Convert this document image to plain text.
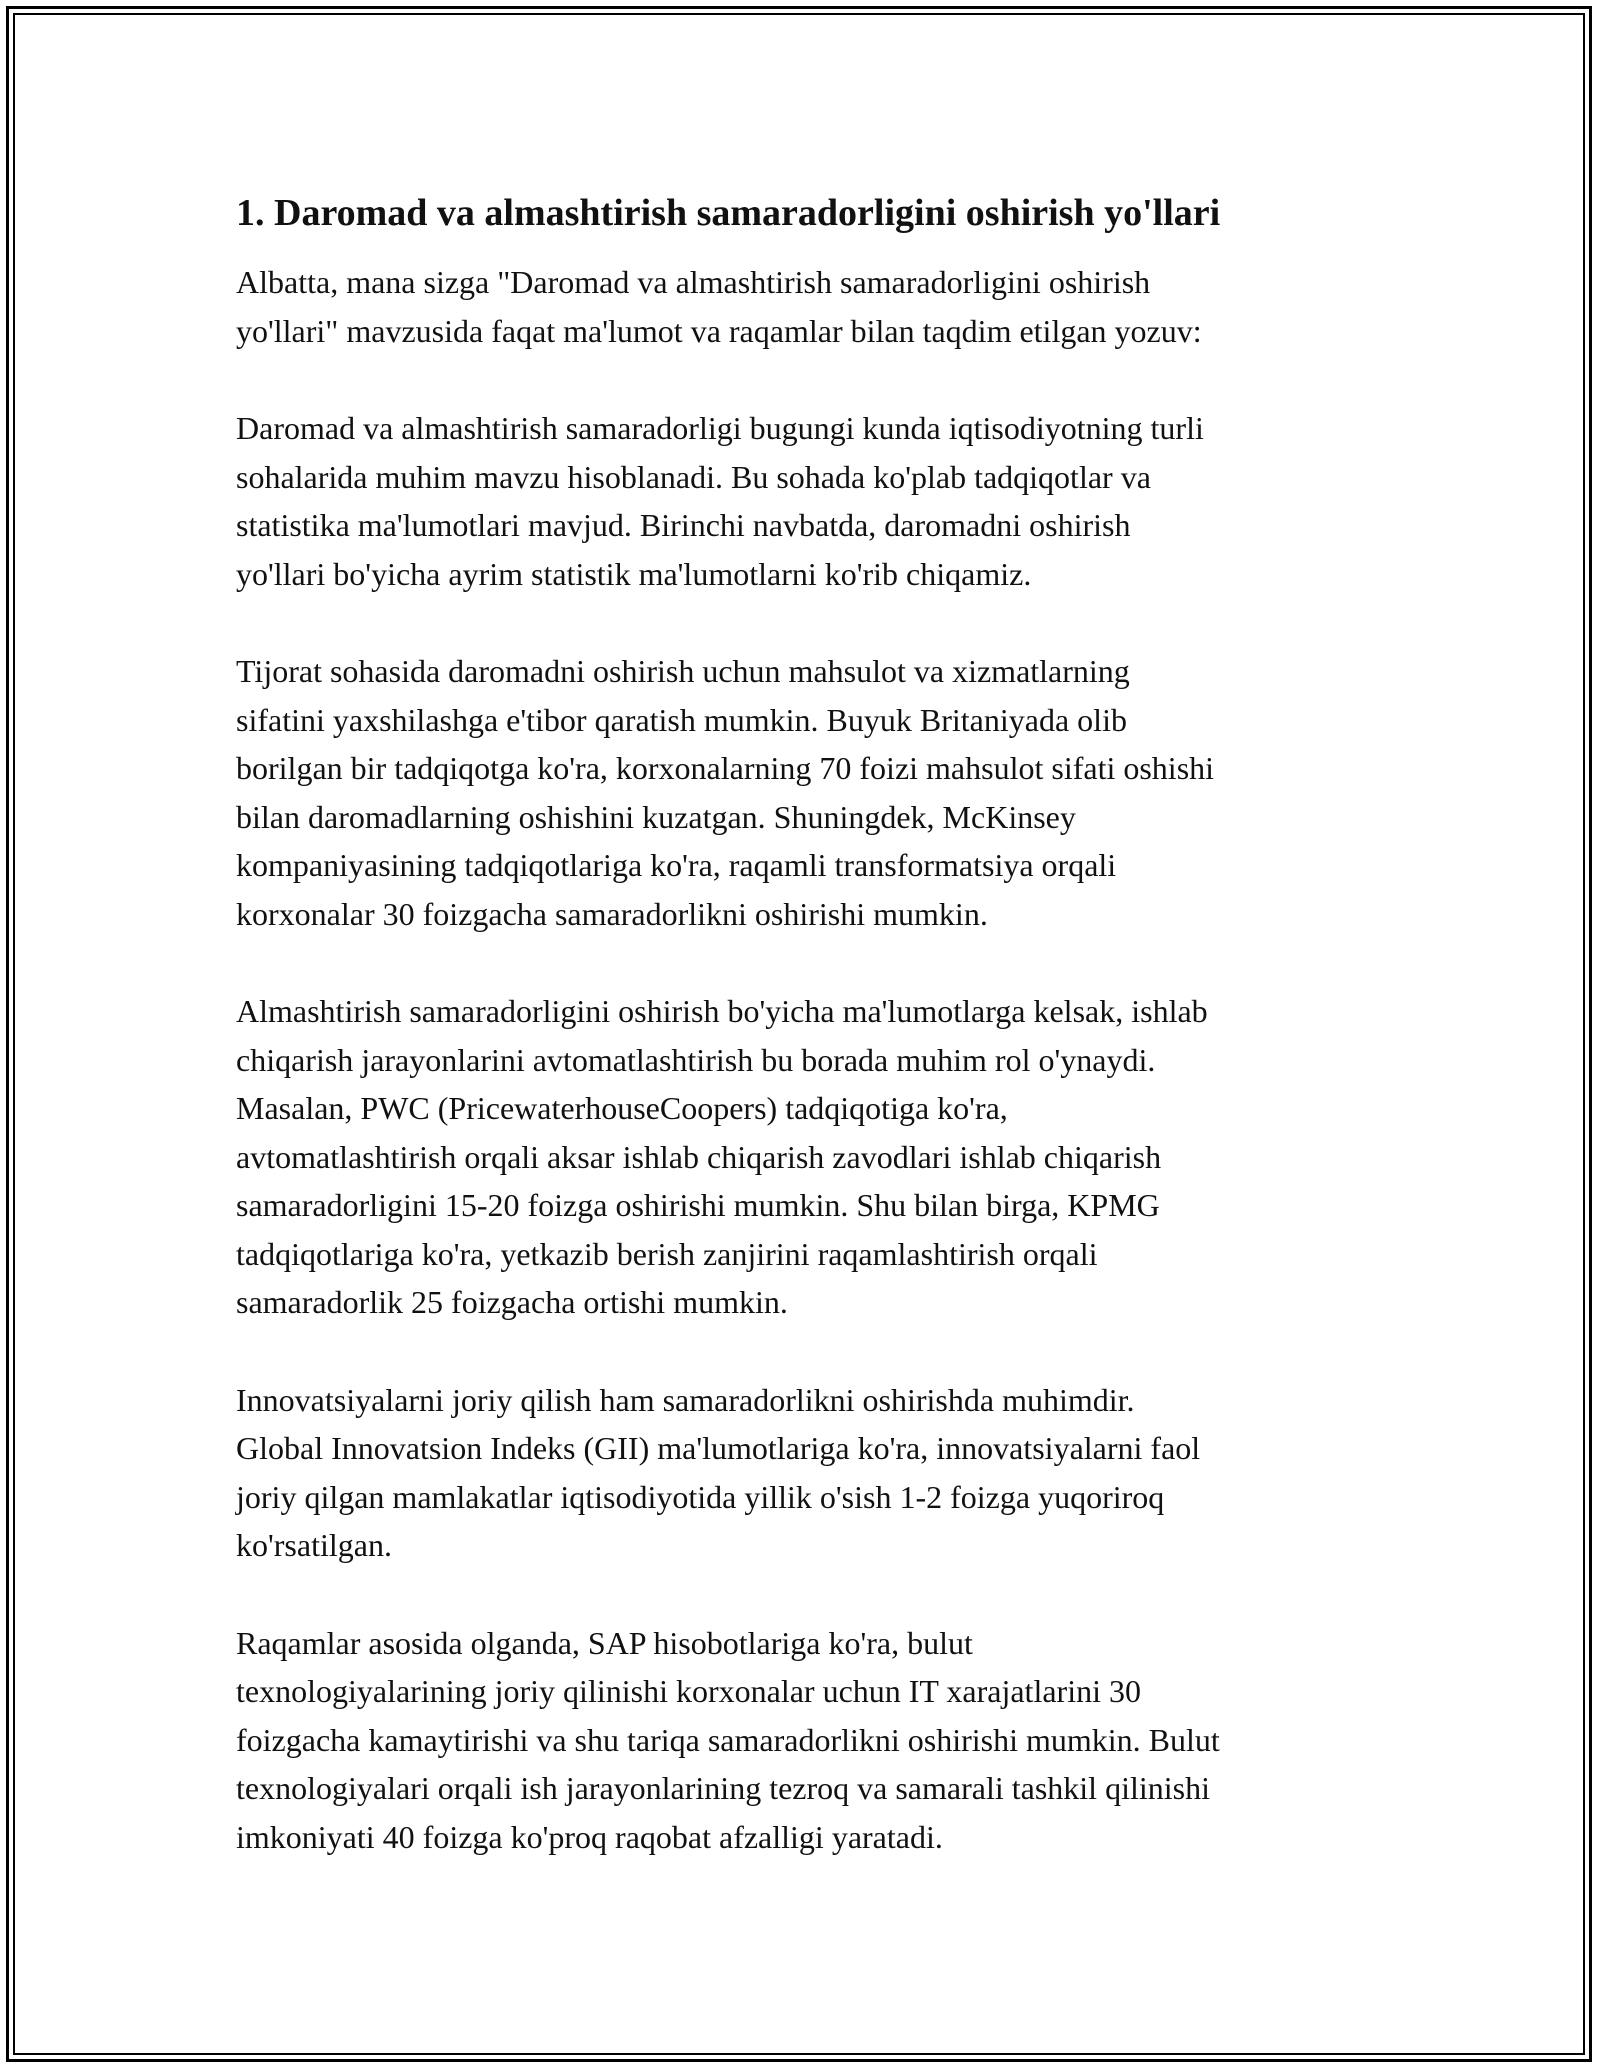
1. Daromad va almashtirish samaradorligini oshirish yo'llari

Albatta, mana sizga "Daromad va almashtirish samaradorligini oshirish
yo'llari" mavzusida faqat ma'lumot va raqamlar bilan taqdim etilgan yozuv:

Daromad va almashtirish samaradorligi bugungi kunda iqtisodiyotning turli
sohalarida muhim mavzu hisoblanadi. Bu sohada ko'plab tadqiqotlar va
statistika ma'lumotlari mavjud. Birinchi navbatda, daromadni oshirish
yo'llari bo'yicha ayrim statistik ma'lumotlarni ko'rib chiqamiz.

Tijorat sohasida daromadni oshirish uchun mahsulot va xizmatlarning
sifatini yaxshilashga e'tibor qaratish mumkin. Buyuk Britaniyada olib
borilgan bir tadqiqotga ko'ra, korxonalarning 70 foizi mahsulot sifati oshishi
bilan daromadlarning oshishini kuzatgan. Shuningdek, McKinsey
kompaniyasining tadqiqotlariga ko'ra, raqamli transformatsiya orqali
korxonalar 30 foizgacha samaradorlikni oshirishi mumkin.

Almashtirish samaradorligini oshirish bo'yicha ma'lumotlarga kelsak, ishlab
chiqarish jarayonlarini avtomatlashtirish bu borada muhim rol o'ynaydi.
Masalan, PWC (PricewaterhouseCoopers) tadqiqotiga ko'ra,
avtomatlashtirish orqali aksar ishlab chiqarish zavodlari ishlab chiqarish
samaradorligini 15-20 foizga oshirishi mumkin. Shu bilan birga, KPMG
tadqiqotlariga ko'ra, yetkazib berish zanjirini raqamlashtirish orqali
samaradorlik 25 foizgacha ortishi mumkin.

Innovatsiyalarni joriy qilish ham samaradorlikni oshirishda muhimdir.
Global Innovatsion Indeks (GII) ma'lumotlariga ko'ra, innovatsiyalarni faol
joriy qilgan mamlakatlar iqtisodiyotida yillik o'sish 1-2 foizga yuqoriroq
ko'rsatilgan.

Raqamlar asosida olganda, SAP hisobotlariga ko'ra, bulut
texnologiyalarining joriy qilinishi korxonalar uchun IT xarajatlarini 30
foizgacha kamaytirishi va shu tariqa samaradorlikni oshirishi mumkin. Bulut
texnologiyalari orqali ish jarayonlarining tezroq va samarali tashkil qilinishi
imkoniyati 40 foizga ko'proq raqobat afzalligi yaratadi.
